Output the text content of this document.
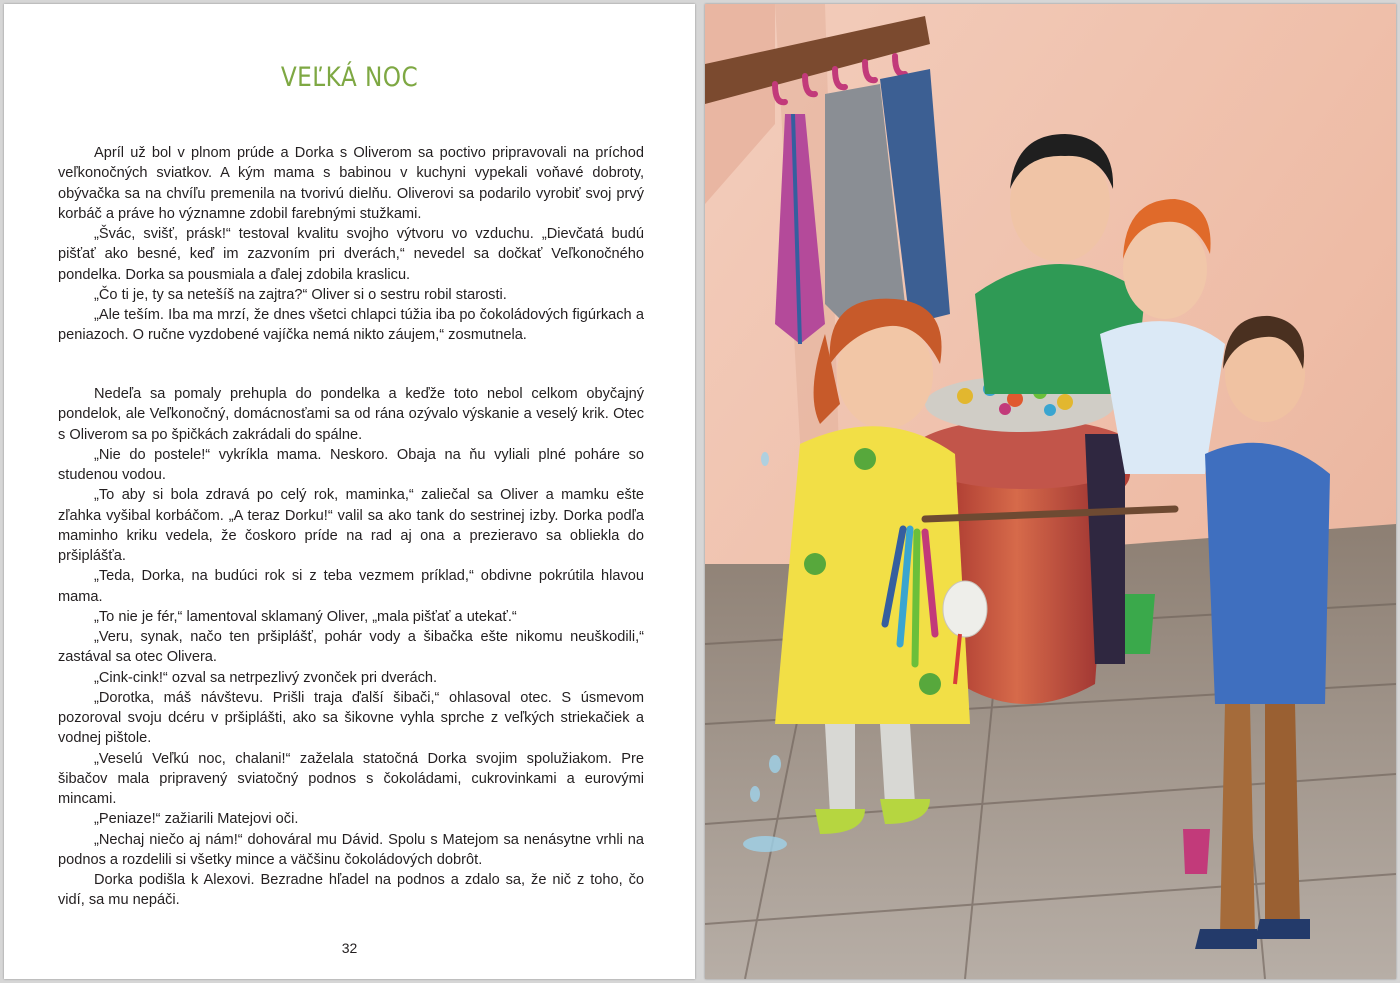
VEĽKÁ NOC

Apríl už bol v plnom prúde a Dorka s Oliverom sa poctivo pripravovali na príchod veľkonočných sviatkov. A kým mama s babinou v kuchyni vypekali voňavé dobroty, obývačka sa na chvíľu premenila na tvorivú dielňu. Oliverovi sa podarilo vyrobiť svoj prvý korbáč a práve ho významne zdobil farebnými stužkami.

„Švác, svišť, prásk!“ testoval kvalitu svojho výtvoru vo vzduchu. „Dievčatá budú pišťať ako besné, keď im zazvoním pri dverách,“ nevedel sa dočkať Veľkonočného pondelka. Dorka sa pousmiala a ďalej zdobila kraslicu.

„Čo ti je, ty sa netešíš na zajtra?“ Oliver si o sestru robil starosti.

„Ale teším. Iba ma mrzí, že dnes všetci chlapci túžia iba po čokoládových figúrkach a peniazoch. O ručne vyzdobené vajíčka nemá nikto záujem,“ zosmutnela.

Nedeľa sa pomaly prehupla do pondelka a keďže toto nebol celkom obyčajný pondelok, ale Veľkonočný, domácnosťami sa od rána ozývalo výskanie a veselý krik. Otec s Oliverom sa po špičkách zakrádali do spálne.

„Nie do postele!“ vykríkla mama. Neskoro. Obaja na ňu vyliali plné poháre so studenou vodou.

„To aby si bola zdravá po celý rok, maminka,“ zaliečal sa Oliver a mamku ešte zľahka vyšibal korbáčom. „A teraz Dorku!“ valil sa ako tank do sestrinej izby. Dorka podľa maminho kriku vedela, že čoskoro príde na rad aj ona a prezieravo sa obliekla do pršiplášťa.

„Teda, Dorka, na budúci rok si z teba vezmem príklad,“ obdivne pokrútila hlavou mama.

„To nie je fér,“ lamentoval sklamaný Oliver, „mala pišťať a utekať.“

„Veru, synak, načo ten pršiplášť, pohár vody a šibačka ešte nikomu neuškodili,“ zastával sa otec Olivera.

„Cink-cink!“ ozval sa netrpezlivý zvonček pri dverách.

„Dorotka, máš návštevu. Prišli traja ďalší šibači,“ ohlasoval otec. S úsmevom pozoroval svoju dcéru v pršiplášti, ako sa šikovne vyhla sprche z veľkých striekačiek a vodnej pištole.

„Veselú Veľkú noc, chalani!“ zaželala statočná Dorka svojim spolužiakom. Pre šibačov mala pripravený sviatočný podnos s čokoládami, cukrovinkami a eurovými mincami.

„Peniaze!“ zažiarili Matejovi oči.

„Nechaj niečo aj nám!“ dohováral mu Dávid. Spolu s Matejom sa nenásytne vrhli na podnos a rozdelili si všetky mince a väčšinu čokoládových dobrôt.

Dorka podišla k Alexovi. Bezradne hľadel na podnos a zdalo sa, že nič z toho, čo vidí, sa mu nepáči.

32
